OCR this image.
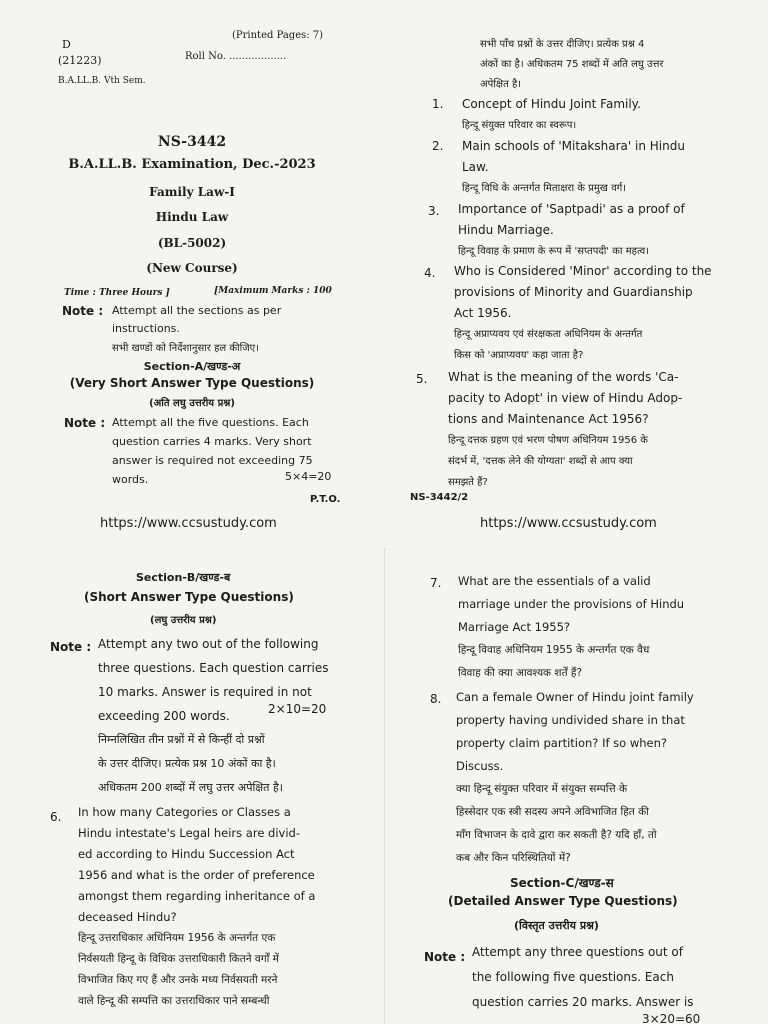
D
(Printed Pages: 7)
(21223)	Roll No. ..................
B.A.LL.B. Vth Sem.
NS-3442
B.A.LL.B. Examination, Dec.-2023
Family Law-I
Hindu Law
(BL-5002)
(New Course)
Time : Three Hours ]	[Maximum Marks : 100
Note : Attempt all the sections as per
instructions.
सभी खण्डों को निर्देशानुसार हल कीजिए।
Section-A/खण्ड-अ
(Very Short Answer Type Questions)
(अति लघु उत्तरीय प्रश्न)
Note : Attempt all the five questions. Each
question carries 4 marks. Very short
answer is required not exceeding 75
words.	5×4=20
P.T.O.
https://www.ccsustudy.com
सभी पाँच प्रश्नों के उत्तर दीजिए। प्रत्येक प्रश्न 4
अंकों का है। अधिकतम 75 शब्दों में अति लघु उत्तर
अपेक्षित है।
1. Concept of Hindu Joint Family.
हिन्दू संयुक्त परिवार का स्वरूप।
2. Main schools of 'Mitakshara' in Hindu
Law.
हिन्दू विधि के अन्तर्गत मिताक्षरा के प्रमुख वर्ग।
3. Importance of 'Saptpadi' as a proof of
Hindu Marriage.
हिन्दू विवाह के प्रमाण के रूप में 'सप्तपदी' का महत्व।
4. Who is Considered 'Minor' according to the
provisions of Minority and Guardianship
Act 1956.
हिन्दू अप्राप्यवय एवं संरक्षकता अधिनियम के अन्तर्गत
किस को 'अप्राप्यवय' कहा जाता है?
5. What is the meaning of the words 'Ca-
pacity to Adopt' in view of Hindu Adop-
tions and Maintenance Act 1956?
हिन्दू दत्तक ग्रहण एवं भरण पोषण अधिनियम 1956 के
संदर्भ में, 'दत्तक लेने की योग्यता' शब्दों से आप क्या
समझते हैं?
NS-3442/2
https://www.ccsustudy.com
Section-B/खण्ड-ब
(Short Answer Type Questions)
(लघु उत्तरीय प्रश्न)
Note : Attempt any two out of the following
three questions. Each question carries
10 marks. Answer is required in not
exceeding 200 words.	2×10=20
निम्नलिखित तीन प्रश्नों में से किन्हीं दो प्रश्नों
के उत्तर दीजिए। प्रत्येक प्रश्न 10 अंकों का है।
अधिकतम 200 शब्दों में लघु उत्तर अपेक्षित है।
6. In how many Categories or Classes a
Hindu intestate's Legal heirs are divid-
ed according to Hindu Succession Act
1956 and what is the order of preference
amongst them regarding inheritance of a
deceased Hindu?
हिन्दू उत्तराधिकार अधिनियम 1956 के अन्तर्गत एक
निर्वसयती हिन्दू के विधिक उत्तराधिकारी कितने वर्गों में
विभाजित किए गए हैं और उनके मध्य निर्वसयती मरने
वाले हिन्दू की सम्पत्ति का उत्तराधिकार पाने सम्बन्धी
7. What are the essentials of a valid
marriage under the provisions of Hindu
Marriage Act 1955?
हिन्दू विवाह अधिनियम 1955 के अन्तर्गत एक वैध
विवाह की क्या आवश्यक शर्तें हैं?
8. Can a female Owner of Hindu joint family
property having undivided share in that
property claim partition? If so when?
Discuss.
क्या हिन्दू संयुक्त परिवार में संयुक्त सम्पत्ति के
हिस्सेदार एक स्त्री सदस्य अपने अविभाजित हित की
माँग विभाजन के दावे द्वारा कर सकती है? यदि हाँ, तो
कब और किन परिस्थितियों में?
Section-C/खण्ड-स
(Detailed Answer Type Questions)
(विस्तृत उत्तरीय प्रश्न)
Note : Attempt any three questions out of
the following five questions. Each
question carries 20 marks. Answer is
3×20=60
